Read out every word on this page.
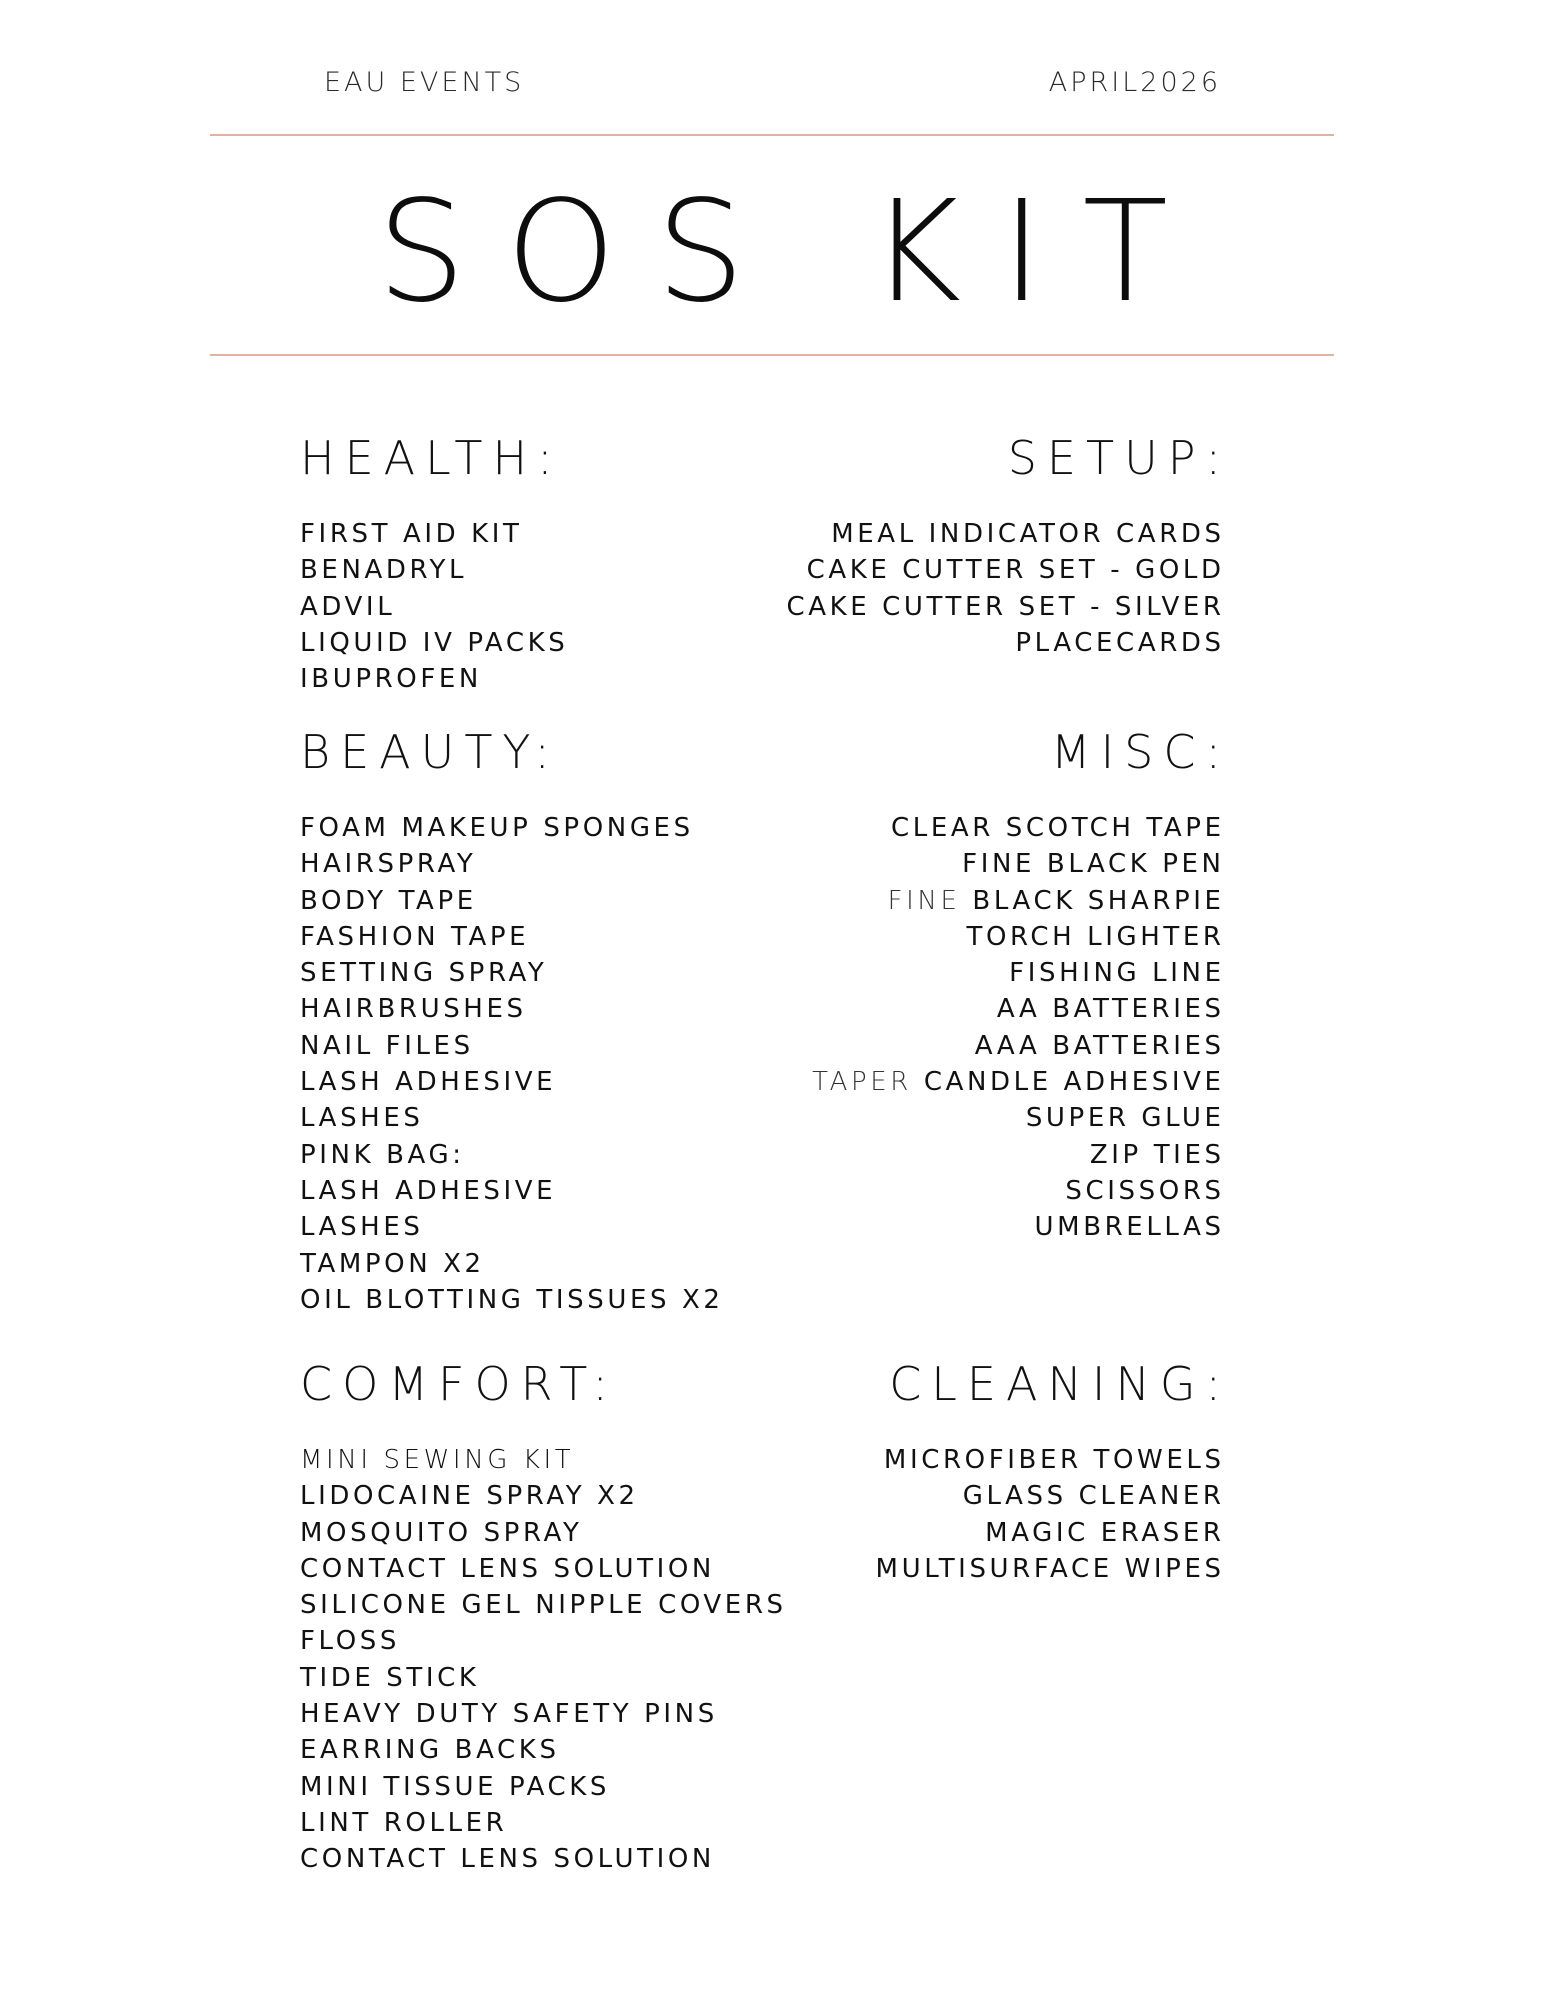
EAU EVENTS	APRIL2026
SOS KIT
HEALTH:
FIRST AID KIT
BENADRYL
ADVIL
LIQUID IV PACKS
IBUPROFEN
SETUP:
MEAL INDICATOR CARDS
CAKE CUTTER SET - GOLD
CAKE CUTTER SET - SILVER
PLACECARDS
BEAUTY:
FOAM MAKEUP SPONGES
HAIRSPRAY
BODY TAPE
FASHION TAPE
SETTING SPRAY
HAIRBRUSHES
NAIL FILES
LASH ADHESIVE
LASHES
PINK BAG:
LASH ADHESIVE
LASHES
TAMPON X2
OIL BLOTTING TISSUES X2
MISC:
CLEAR SCOTCH TAPE
FINE BLACK PEN
FINE BLACK SHARPIE
TORCH LIGHTER
FISHING LINE
AA BATTERIES
AAA BATTERIES
TAPER CANDLE ADHESIVE
SUPER GLUE
ZIP TIES
SCISSORS
UMBRELLAS
COMFORT:
MINI SEWING KIT
LIDOCAINE SPRAY X2
MOSQUITO SPRAY
CONTACT LENS SOLUTION
SILICONE GEL NIPPLE COVERS
FLOSS
TIDE STICK
HEAVY DUTY SAFETY PINS
EARRING BACKS
MINI TISSUE PACKS
LINT ROLLER
CONTACT LENS SOLUTION
CLEANING:
MICROFIBER TOWELS
GLASS CLEANER
MAGIC ERASER
MULTISURFACE WIPES
